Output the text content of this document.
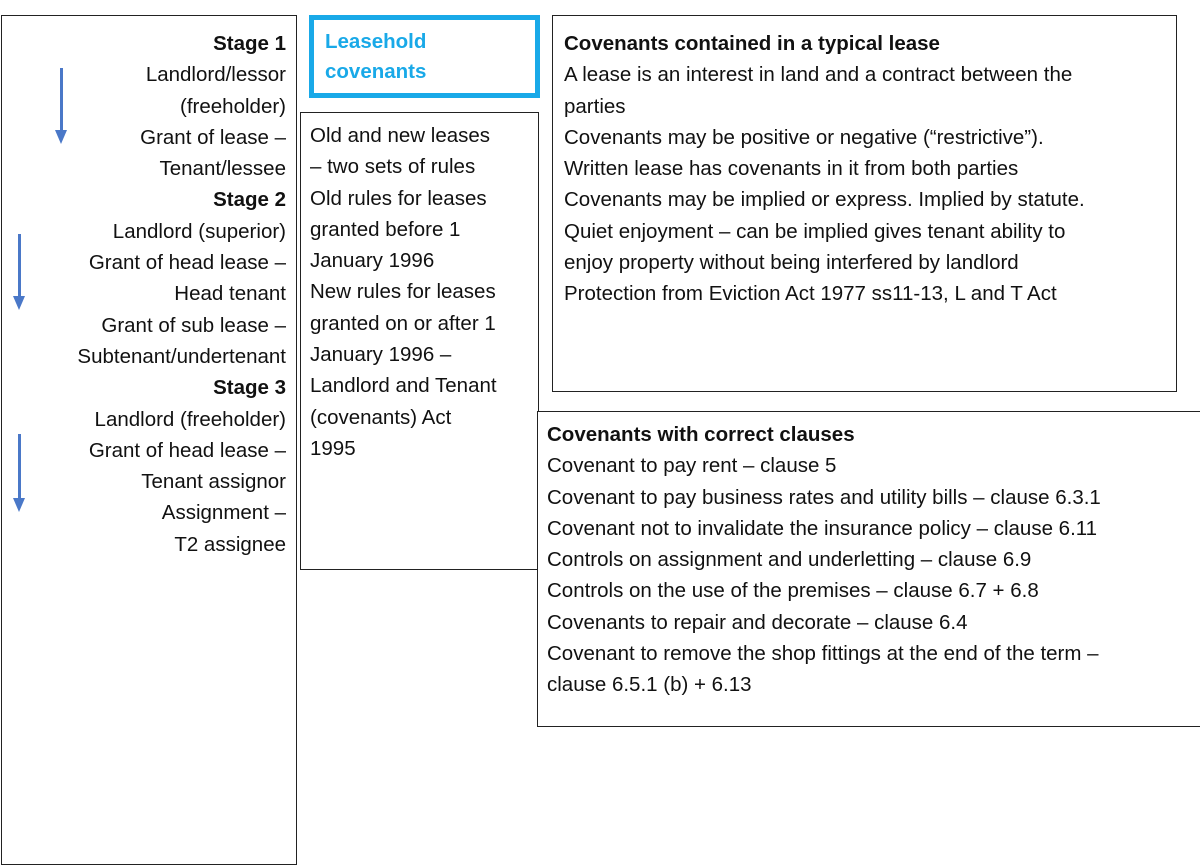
Stage 1
Landlord/lessor
(freeholder)
Grant of lease –
Tenant/lessee
Stage 2
Landlord (superior)
Grant of head lease –
Head tenant
Grant of sub lease –
Subtenant/undertenant
Stage 3
Landlord (freeholder)
Grant of head lease –
Tenant assignor
Assignment –
T2 assignee
Leasehold
covenants
Old and new leases
– two sets of rules
Old rules for leases
granted before 1
January 1996
New rules for leases
granted on or after 1
January 1996 –
Landlord and Tenant
(covenants) Act
1995
Covenants contained in a typical lease
A lease is an interest in land and a contract between the
parties
Covenants may be positive or negative (“restrictive”).
Written lease has covenants in it from both parties
Covenants may be implied or express. Implied by statute.
Quiet enjoyment – can be implied gives tenant ability to
enjoy property without being interfered by landlord
Protection from Eviction Act 1977 ss11-13, L and T Act
Covenants with correct clauses
Covenant to pay rent – clause 5
Covenant to pay business rates and utility bills – clause 6.3.1
Covenant not to invalidate the insurance policy – clause 6.11
Controls on assignment and underletting – clause 6.9
Controls on the use of the premises – clause 6.7 + 6.8
Covenants to repair and decorate – clause 6.4
Covenant to remove the shop fittings at the end of the term –
clause 6.5.1 (b) + 6.13
